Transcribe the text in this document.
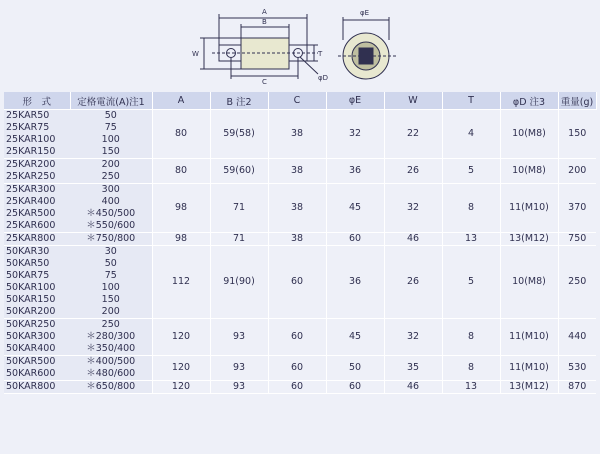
A
B
C
W	T
φD
φE
形　式	定格電流(A)注1	A	B 注2	C	φE	W	T	φD 注3	重量(g)
25KAR50	50	80	59(58)	38	32	22	4	10(M8)	150
25KAR75	75								
25KAR100	100								
25KAR150	150								
25KAR200	200	80	59(60)	38	36	26	5	10(M8)	200
25KAR250	250								
25KAR300	300	98	71	38	45	32	8	11(M10)	370
25KAR400	400								
25KAR500	＊450/500								
25KAR600	＊550/600								
25KAR800	＊750/800	98	71	38	60	46	13	13(M12)	750
50KAR30	30	112	91(90)	60	36	26	5	10(M8)	250
50KAR50	50								
50KAR75	75								
50KAR100	100								
50KAR150	150								
50KAR200	200								
50KAR250	250	120	93	60	45	32	8	11(M10)	440
50KAR300	＊280/300								
50KAR400	＊350/400								
50KAR500	＊400/500	120	93	60	50	35	8	11(M10)	530
50KAR600	＊480/600								
50KAR800	＊650/800	120	93	60	60	46	13	13(M12)	870
